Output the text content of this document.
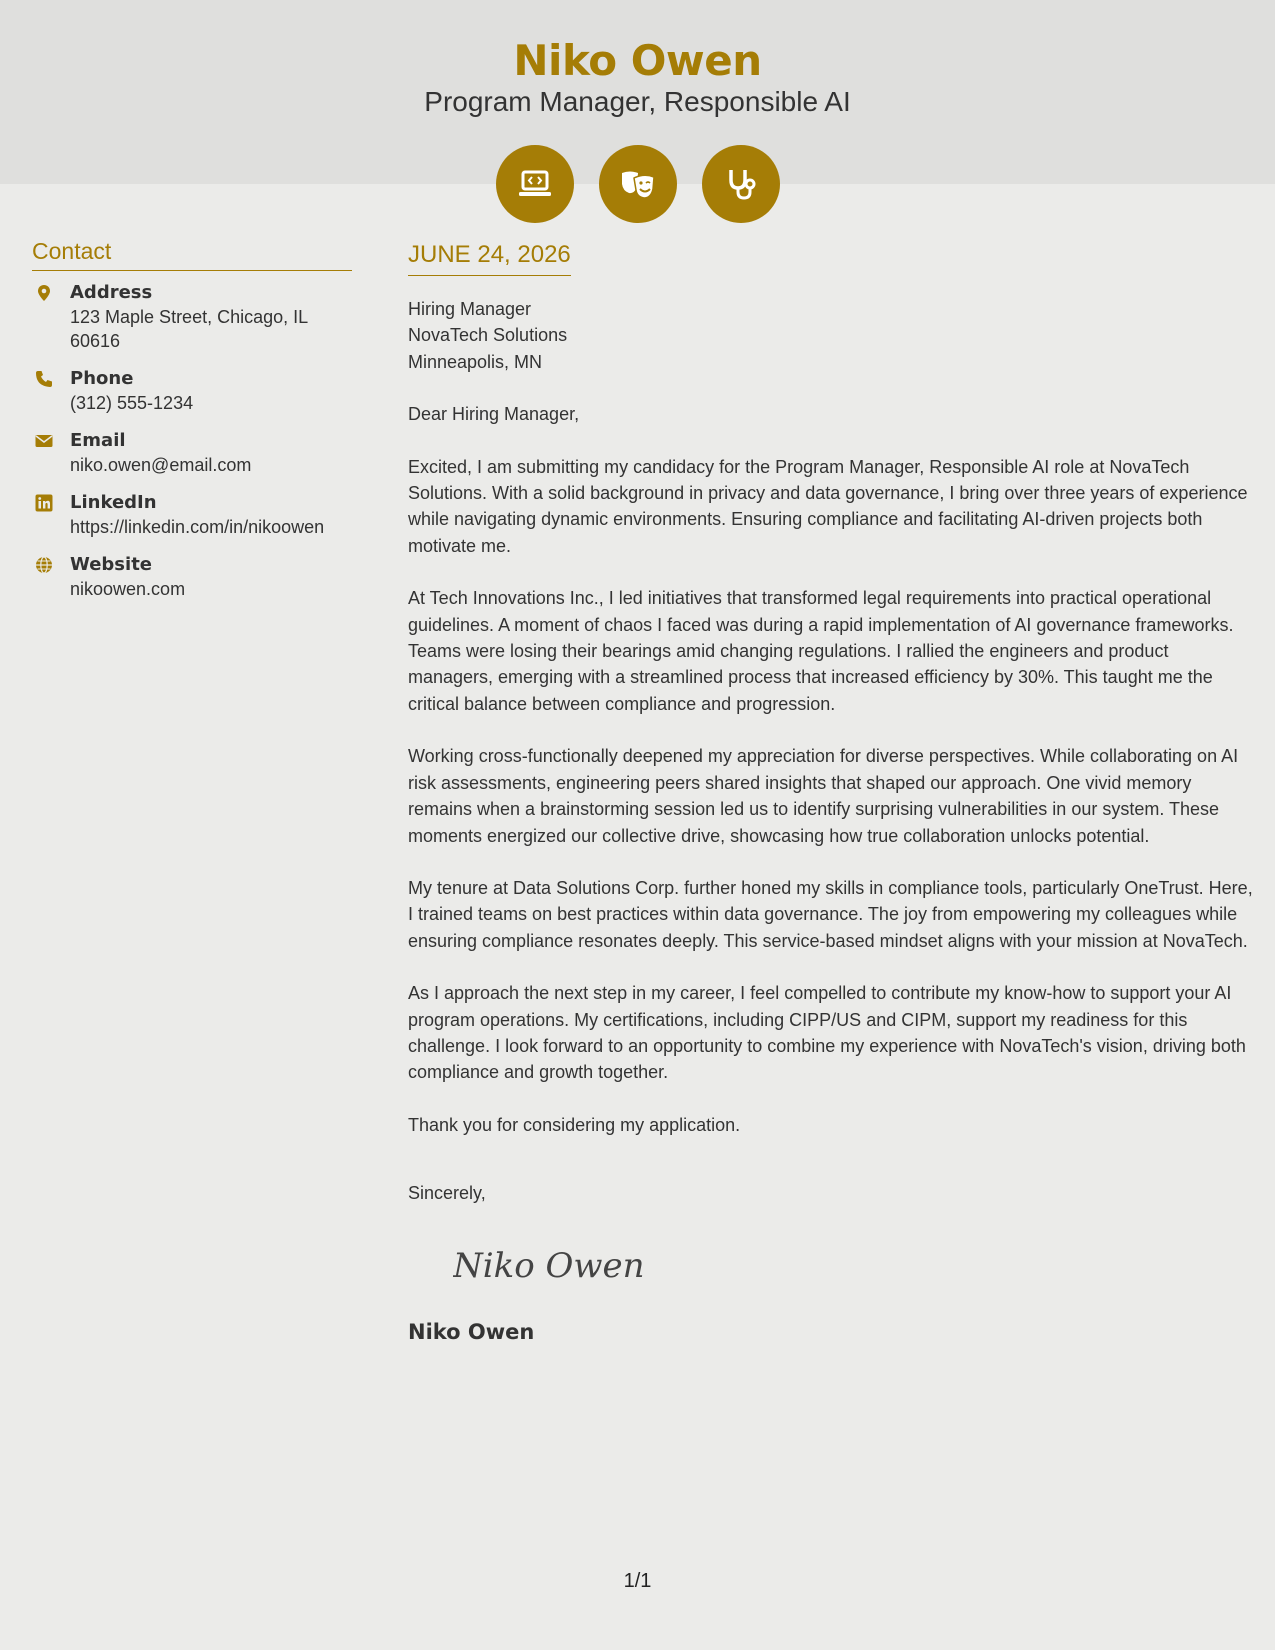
Niko Owen
Program Manager, Responsible AI
Contact
Address
123 Maple Street, Chicago, IL 60616
Phone
(312) 555-1234
Email
niko.owen@email.com
LinkedIn
https://linkedin.com/in/nikoowen
Website
nikoowen.com
JUNE 24, 2026
Hiring Manager
NovaTech Solutions
Minneapolis, MN
Dear Hiring Manager,

Excited, I am submitting my candidacy for the Program Manager, Responsible AI role at NovaTech Solutions. With a solid background in privacy and data governance, I bring over three years of experience while navigating dynamic environments. Ensuring compliance and facilitating AI-driven projects both motivate me.

At Tech Innovations Inc., I led initiatives that transformed legal requirements into practical operational guidelines. A moment of chaos I faced was during a rapid implementation of AI governance frameworks. Teams were losing their bearings amid changing regulations. I rallied the engineers and product managers, emerging with a streamlined process that increased efficiency by 30%. This taught me the critical balance between compliance and progression.

Working cross-functionally deepened my appreciation for diverse perspectives. While collaborating on AI risk assessments, engineering peers shared insights that shaped our approach. One vivid memory remains when a brainstorming session led us to identify surprising vulnerabilities in our system. These moments energized our collective drive, showcasing how true collaboration unlocks potential.

My tenure at Data Solutions Corp. further honed my skills in compliance tools, particularly OneTrust. Here, I trained teams on best practices within data governance. The joy from empowering my colleagues while ensuring compliance resonates deeply. This service-based mindset aligns with your mission at NovaTech.

As I approach the next step in my career, I feel compelled to contribute my know-how to support your AI program operations. My certifications, including CIPP/US and CIPM, support my readiness for this challenge. I look forward to an opportunity to combine my experience with NovaTech's vision, driving both compliance and growth together.

Thank you for considering my application.

Sincerely,
Niko Owen
Niko Owen
1/1
